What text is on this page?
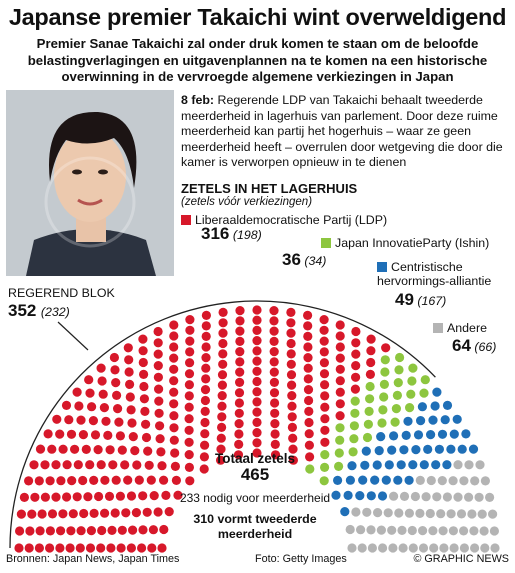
Japanse premier Takaichi wint overweldigend

Premier Sanae Takaichi zal onder druk komen te staan om de beloofde belastingverlagingen en uitgavenplannen na te komen na een historische overwinning in de vervroegde algemene verkiezingen in Japan

8 feb: Regerende LDP van Takaichi behaalt tweederde meerderheid in lagerhuis van parlement. Door deze ruime meerderheid kan partij het hogerhuis – waar ze geen meerderheid heeft – overrulen door wetgeving die door die kamer is verworpen opnieuw in te dienen
ZETELS IN HET LAGERHUIS
(zetels vóór verkiezingen)
Liberaaldemocratische Partij (LDP)
316 (198)
Japan InnovatieParty (Ishin)
36 (34)	Centristische hervormings-alliantie
49 (167)
Andere
64 (66)
REGEREND BLOK
352 (232)
Totaal zetels
465
233 nodig voor meerderheid
310 vormt tweederde meerderheid
Bronnen: Japan News, Japan Times	Foto: Getty Images	© GRAPHIC NEWS
